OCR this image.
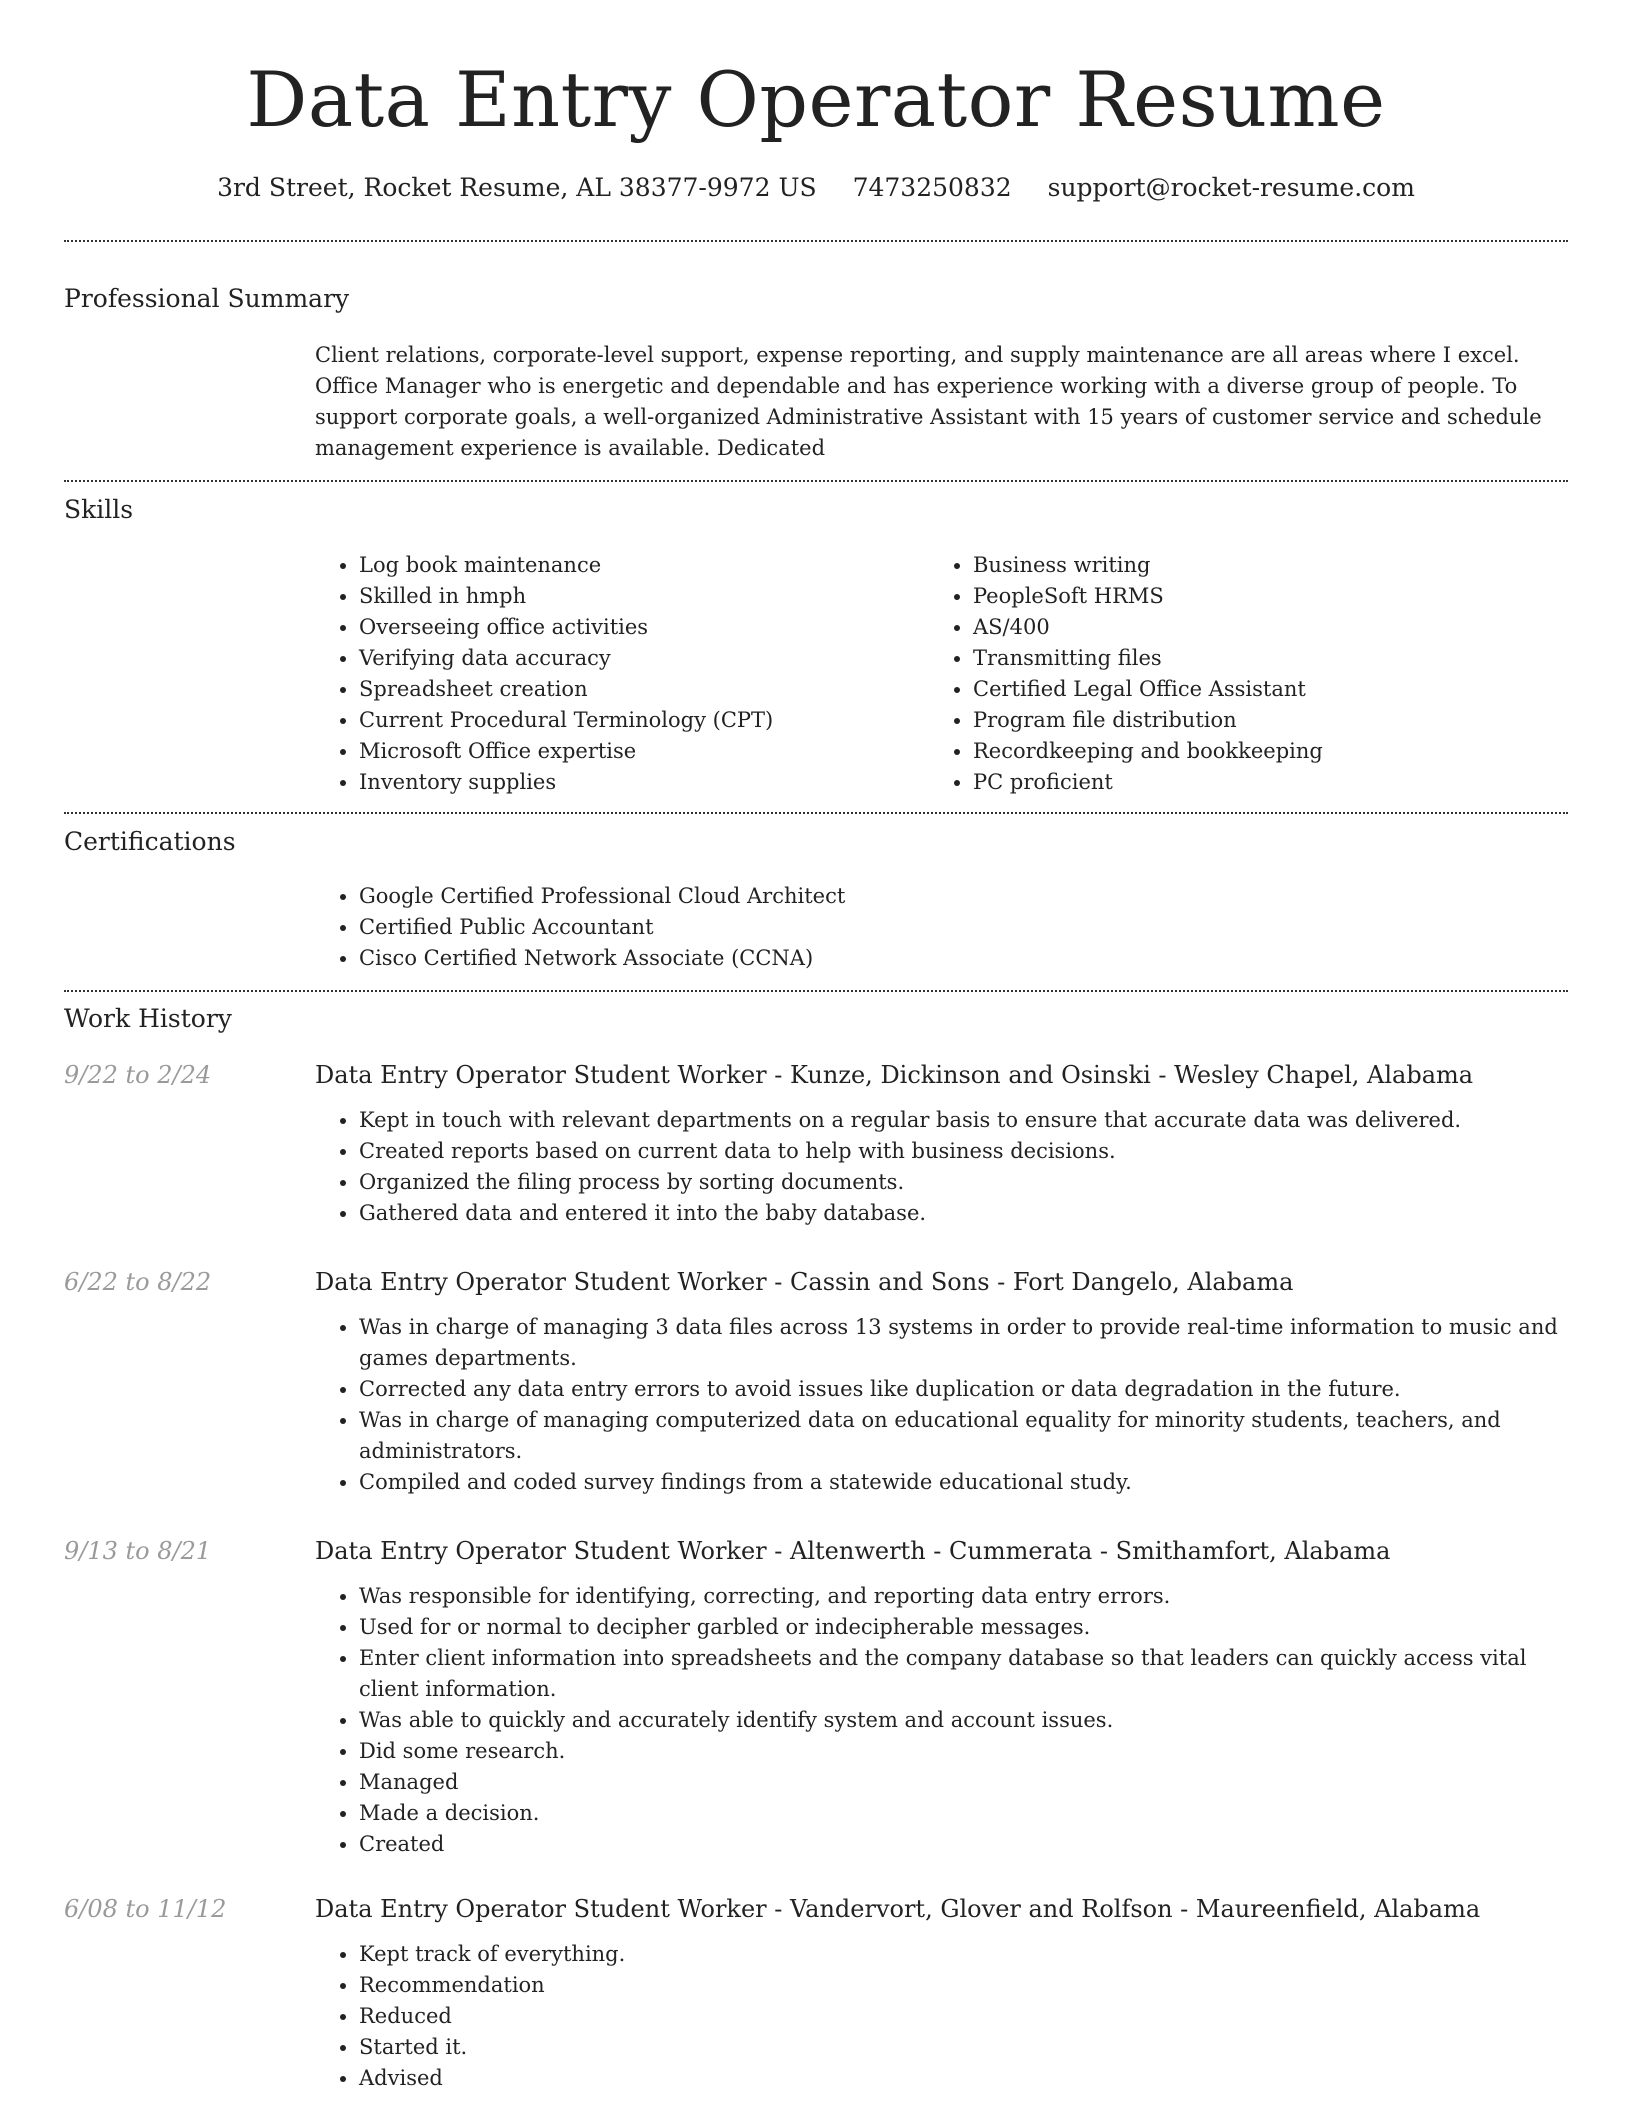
Data Entry Operator Resume
3rd Street, Rocket Resume, AL 38377-9972 US 7473250832 support@rocket-resume.com
Professional Summary

Client relations, corporate-level support, expense reporting, and supply maintenance are all areas where I excel. Office Manager who is energetic and dependable and has experience working with a diverse group of people. To support corporate goals, a well-organized Administrative Assistant with 15 years of customer service and schedule management experience is available. Dedicated

Skills
• Log book maintenance
• Skilled in hmph
• Overseeing office activities
• Verifying data accuracy
• Spreadsheet creation
• Current Procedural Terminology (CPT)
• Microsoft Office expertise
• Inventory supplies
• Business writing
• PeopleSoft HRMS
• AS/400
• Transmitting files
• Certified Legal Office Assistant
• Program file distribution
• Recordkeeping and bookkeeping
• PC proficient
Certifications
• Google Certified Professional Cloud Architect
• Certified Public Accountant
• Cisco Certified Network Associate (CCNA)
Work History
9/22 to 2/24	Data Entry Operator Student Worker - Kunze, Dickinson and Osinski - Wesley Chapel, Alabama
• Kept in touch with relevant departments on a regular basis to ensure that accurate data was delivered.
• Created reports based on current data to help with business decisions.
• Organized the filing process by sorting documents.
• Gathered data and entered it into the baby database.
6/22 to 8/22	Data Entry Operator Student Worker - Cassin and Sons - Fort Dangelo, Alabama
• Was in charge of managing 3 data files across 13 systems in order to provide real-time information to music and games departments.
• Corrected any data entry errors to avoid issues like duplication or data degradation in the future.
• Was in charge of managing computerized data on educational equality for minority students, teachers, and administrators.
• Compiled and coded survey findings from a statewide educational study.
9/13 to 8/21	Data Entry Operator Student Worker - Altenwerth - Cummerata - Smithamfort, Alabama
• Was responsible for identifying, correcting, and reporting data entry errors.
• Used for or normal to decipher garbled or indecipherable messages.
• Enter client information into spreadsheets and the company database so that leaders can quickly access vital client information.
• Was able to quickly and accurately identify system and account issues.
• Did some research.
• Managed
• Made a decision.
• Created
6/08 to 11/12	Data Entry Operator Student Worker - Vandervort, Glover and Rolfson - Maureenfield, Alabama
• Kept track of everything.
• Recommendation
• Reduced
• Started it.
• Advised
